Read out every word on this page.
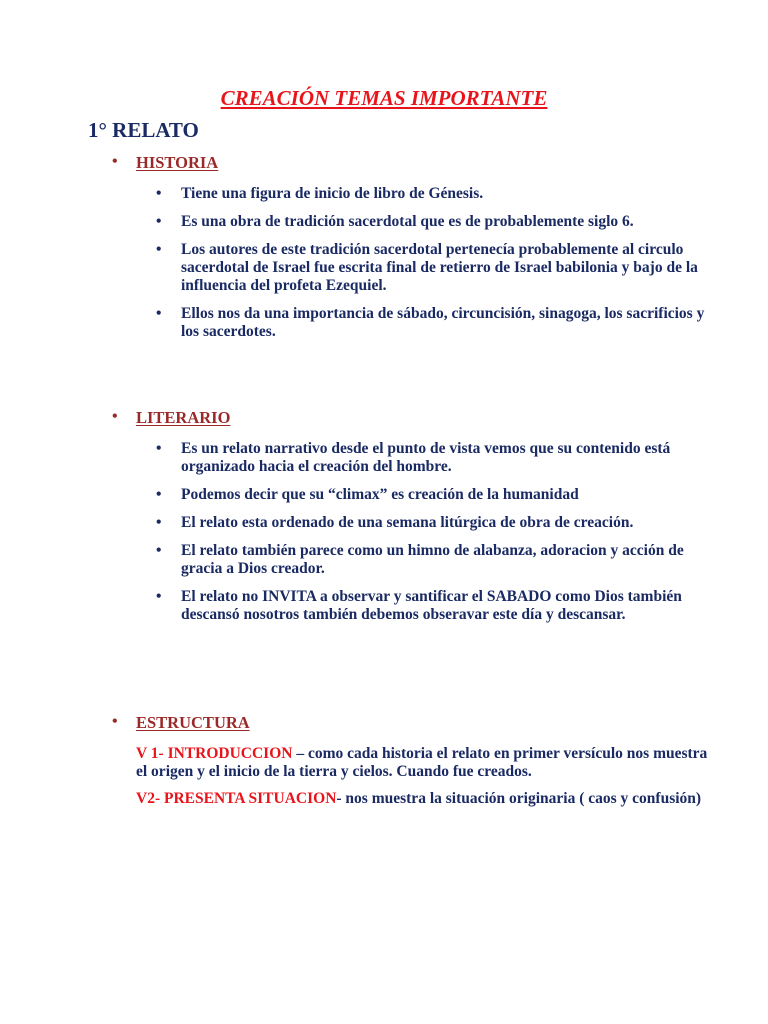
CREACIÓN TEMAS IMPORTANTE
1° RELATO
• HISTORIA
• Tiene una figura de inicio de libro de Génesis.
• Es una obra de tradición sacerdotal que es de probablemente siglo 6.
• Los autores de este tradición sacerdotal pertenecía probablemente al circulo sacerdotal de Israel fue escrita final de retierro de Israel babilonia y bajo de la influencia del profeta Ezequiel.
• Ellos nos da una importancia de sábado, circuncisión, sinagoga, los sacrificios y los sacerdotes.
• LITERARIO
• Es un relato narrativo desde el punto de vista vemos que su contenido está organizado hacia el creación del hombre.
• Podemos decir que su “climax” es creación de la humanidad
• El relato esta ordenado de una semana litúrgica de obra de creación.
• El relato también parece como un himno de alabanza, adoracion y acción de gracia a Dios creador.
• El relato no INVITA a observar y santificar el SABADO como Dios también descansó nosotros también debemos obseravar este día y descansar.
• ESTRUCTURA

V 1- INTRODUCCION – como cada historia el relato en primer versículo nos muestra el origen y el inicio de la tierra y cielos. Cuando fue creados.

V2- PRESENTA SITUACION- nos muestra la situación originaria ( caos y confusión)
